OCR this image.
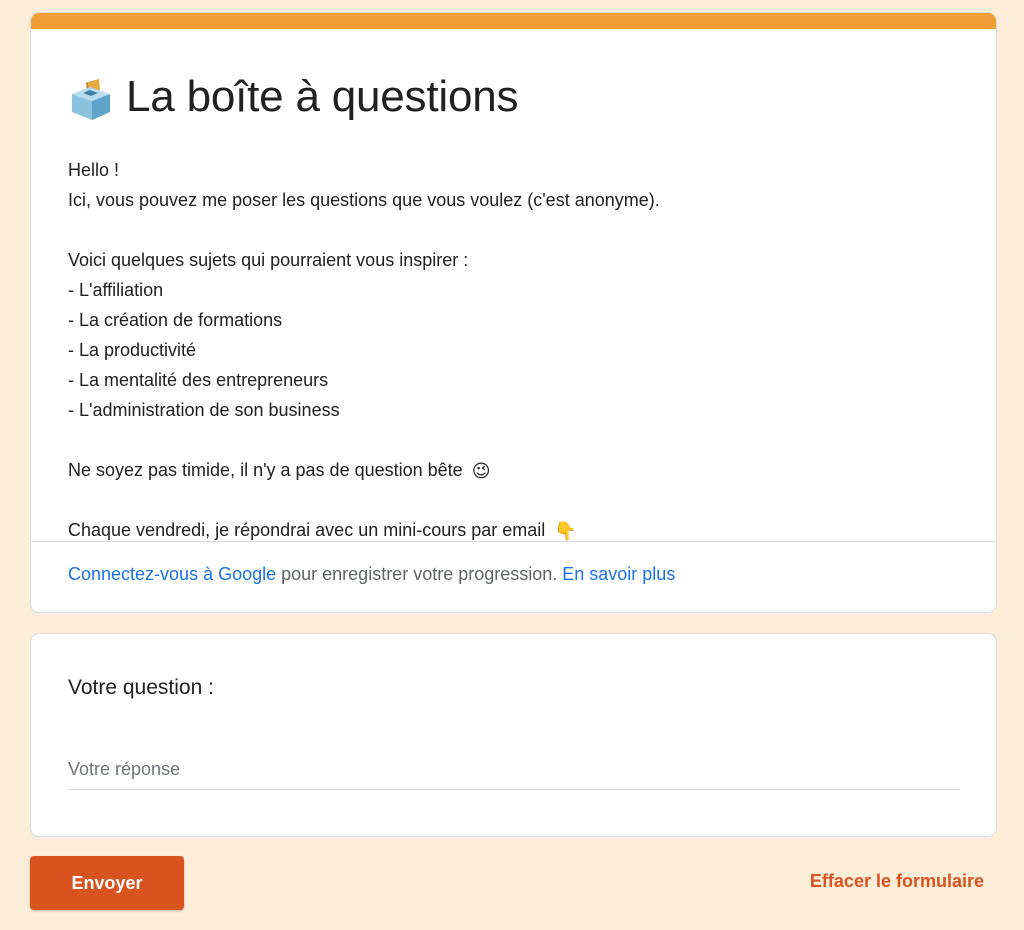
La boîte à questions
Hello !
Ici, vous pouvez me poser les questions que vous voulez (c'est anonyme).
Voici quelques sujets qui pourraient vous inspirer :
- L'affiliation
- La création de formations
- La productivité
- La mentalité des entrepreneurs
- L'administration de son business
Ne soyez pas timide, il n'y a pas de question bête 😉
Chaque vendredi, je répondrai avec un mini-cours par email 👇
Connectez-vous à Google pour enregistrer votre progression. En savoir plus
Votre question :
Votre réponse
Envoyer	Effacer le formulaire
